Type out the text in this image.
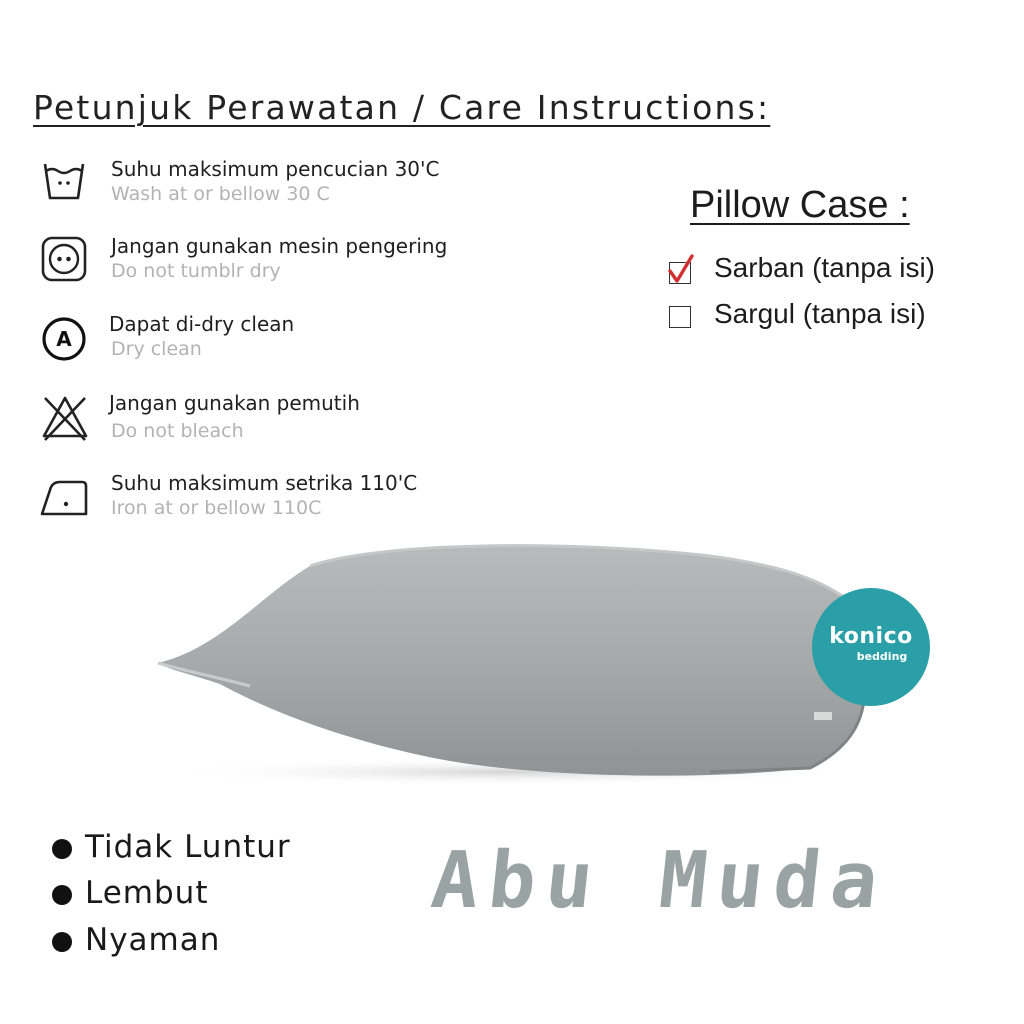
Petunjuk Perawatan / Care Instructions:
Suhu maksimum pencucian 30'C
Wash at or bellow 30 C
Jangan gunakan mesin pengering
Do not tumblr dry
A
Dapat di-dry clean
Dry clean
Jangan gunakan pemutih
Do not bleach
Suhu maksimum setrika 110'C
Iron at or bellow 110C
Pillow Case :
Sarban (tanpa isi)
Sargul (tanpa isi)
konico
bedding
Tidak Luntur
Lembut
Nyaman
Abu Muda
